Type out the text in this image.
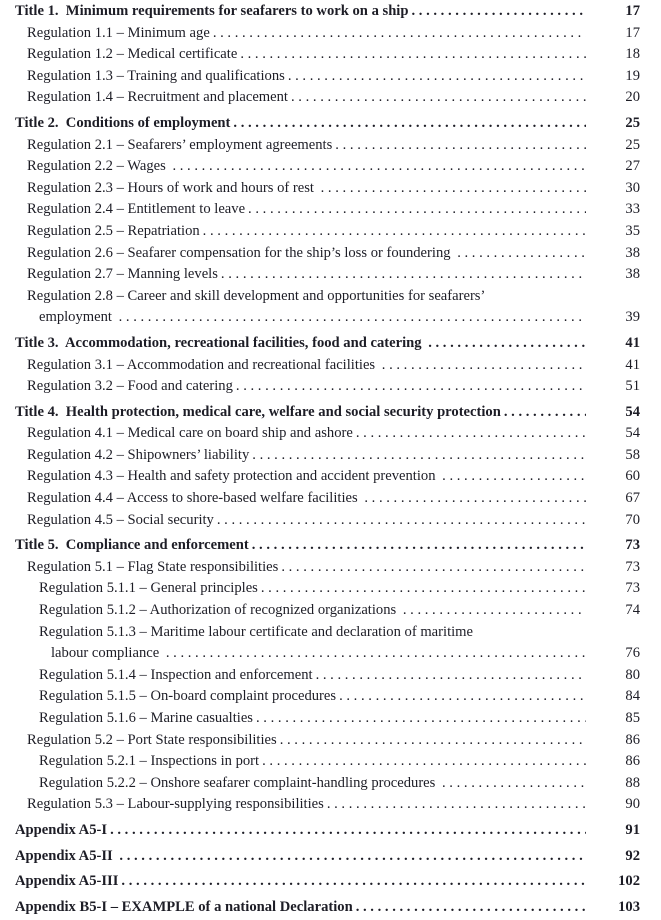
Title 1.  Minimum requirements for seafarers to work on a ship . . .	17
Regulation 1.1 – Minimum age . . .	17
Regulation 1.2 – Medical certificate . . .	18
Regulation 1.3 – Training and qualifications . . .	19
Regulation 1.4 – Recruitment and placement . . .	20
Title 2.  Conditions of employment . . .	25
Regulation 2.1 – Seafarers’ employment agreements . . .	25
Regulation 2.2 – Wages . . .	27
Regulation 2.3 – Hours of work and hours of rest . . .	30
Regulation 2.4 – Entitlement to leave . . .	33
Regulation 2.5 – Repatriation . . .	35
Regulation 2.6 – Seafarer compensation for the ship’s loss or foundering . . .	38
Regulation 2.7 – Manning levels . . .	38
Regulation 2.8 – Career and skill development and opportunities for seafarers’
employment . . .	39
Title 3.  Accommodation, recreational facilities, food and catering . . .	41
Regulation 3.1 – Accommodation and recreational facilities . . .	41
Regulation 3.2 – Food and catering . . .	51
Title 4.  Health protection, medical care, welfare and social security protection . . .	54
Regulation 4.1 – Medical care on board ship and ashore . . .	54
Regulation 4.2 – Shipowners’ liability . . .	58
Regulation 4.3 – Health and safety protection and accident prevention . . .	60
Regulation 4.4 – Access to shore-based welfare facilities . . .	67
Regulation 4.5 – Social security . . .	70
Title 5.  Compliance and enforcement . . .	73
Regulation 5.1 – Flag State responsibilities . . .	73
Regulation 5.1.1 – General principles . . .	73
Regulation 5.1.2 – Authorization of recognized organizations . . .	74
Regulation 5.1.3 – Maritime labour certificate and declaration of maritime
labour compliance . . .	76
Regulation 5.1.4 – Inspection and enforcement . . .	80
Regulation 5.1.5 – On-board complaint procedures . . .	84
Regulation 5.1.6 – Marine casualties . . .	85
Regulation 5.2 – Port State responsibilities . . .	86
Regulation 5.2.1 – Inspections in port . . .	86
Regulation 5.2.2 – Onshore seafarer complaint-handling procedures . . .	88
Regulation 5.3 – Labour-supplying responsibilities . . .	90
Appendix A5-I . . .	91
Appendix A5-II . . .	92
Appendix A5-III . . .	102
Appendix B5-I – EXAMPLE of a national Declaration . . .	103
